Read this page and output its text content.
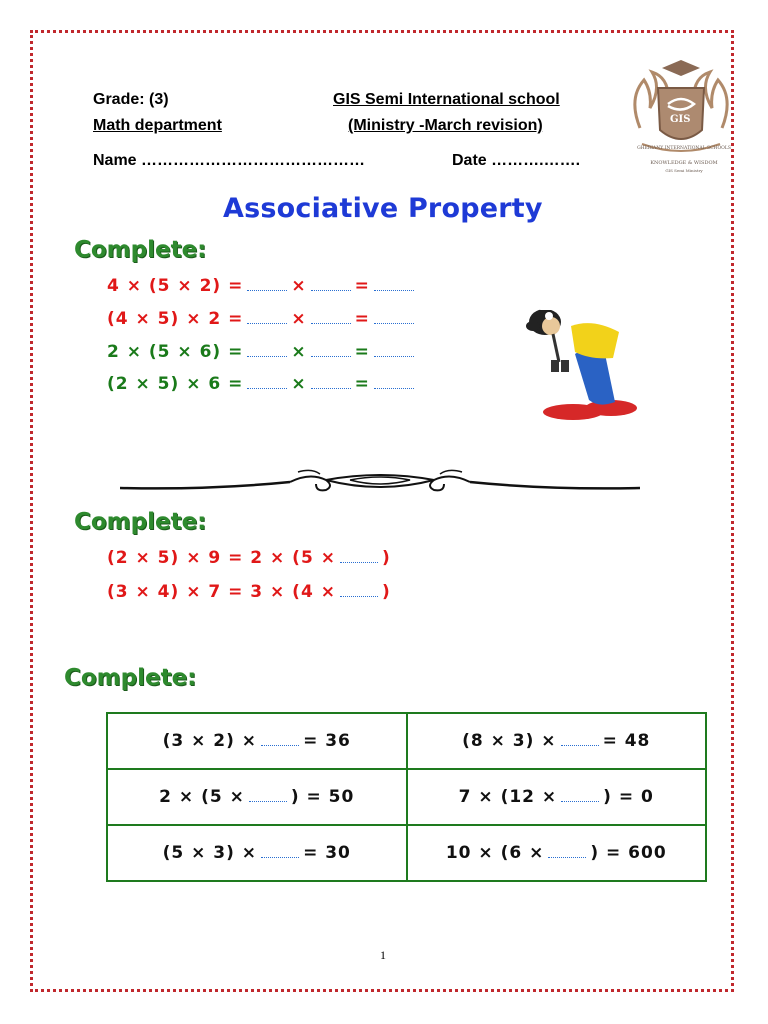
Grade: (3)
Math department
GIS Semi International school
(Ministry -March revision)
Name ……………………………………	Date ……….…….
GIS
GHERIANY INTERNATIONAL SCHOOLS
KNOWLEDGE & WISDOM
GIS Semi Ministry
Associative Property
Complete:
4 × (5 × 2) =	×	=
(4 × 5) × 2 =	×	=
2 × (5 × 6) =	×	=
(2 × 5) × 6 =	×	=
Complete:
(2 × 5) × 9 = 2 × (5 ×	)
(3 × 4) × 7 = 3 × (4 ×	)
Complete:
(3 × 2) × = 36	(8 × 3) × = 48
2 × (5 × ) = 50	7 × (12 × ) = 0
(5 × 3) × = 30	10 × (6 × ) = 600
1
